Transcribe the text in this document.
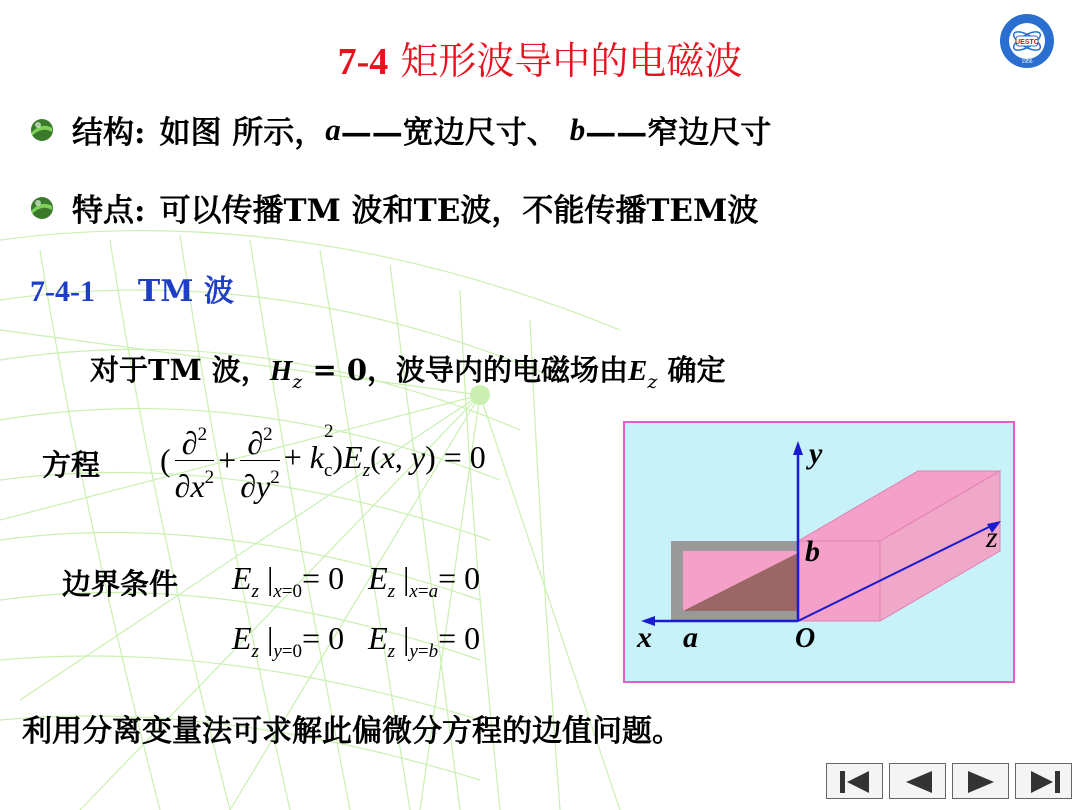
7-4 矩形波导中的电磁波	UESTC
1956
结构: 如图 所示， a ——宽边尺寸、 b ——窄边尺寸
特点: 可以传播TM 波和TE波，不能传播TEM波
7-4-1 TM 波
对于TM 波，$H_z = 0$，波导内的电磁场由$E_z$ 确定
方程 ( $\frac{\partial^2}{\partial x^2} + \frac{\partial^2}{\partial y^2} + k$
2
$_c)E_z(x$, y) = 0
边界条件 $E_z$ $|_{x=0}= 0$   $E_z$ $|_{x=a}= 0$
$E_z$ $|_{y=0}= 0$   $E_z$ $|_{y=b}= 0$
y
z
x a
b
O
利用分离变量法可求解此偏微分方程的边值问题。
